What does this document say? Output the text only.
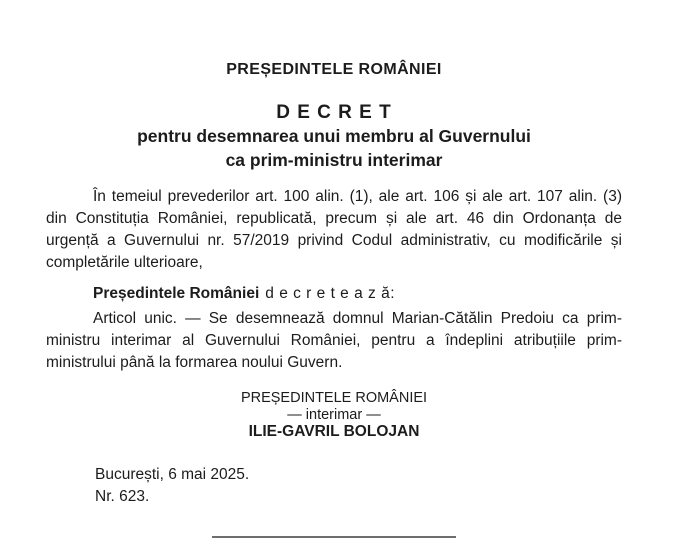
PREȘEDINTELE ROMÂNIEI
D E C R E T
pentru desemnarea unui membru al Guvernului
ca prim-ministru interimar

În temeiul prevederilor art. 100 alin. (1), ale art. 106 și ale art. 107 alin. (3) din Constituția României, republicată, precum și ale art. 46 din Ordonanța de urgență a Guvernului nr. 57/2019 privind Codul administrativ, cu modificările și completările ulterioare,

Președintele României d e c r e t e a z ă:

Articol unic. — Se desemnează domnul Marian-Cătălin Predoiu ca prim-ministru interimar al Guvernului României, pentru a îndeplini atribuțiile prim-ministrului până la formarea noului Guvern.

PREȘEDINTELE ROMÂNIEI
— interimar —
ILIE-GAVRIL BOLOJAN
București, 6 mai 2025.
Nr. 623.
